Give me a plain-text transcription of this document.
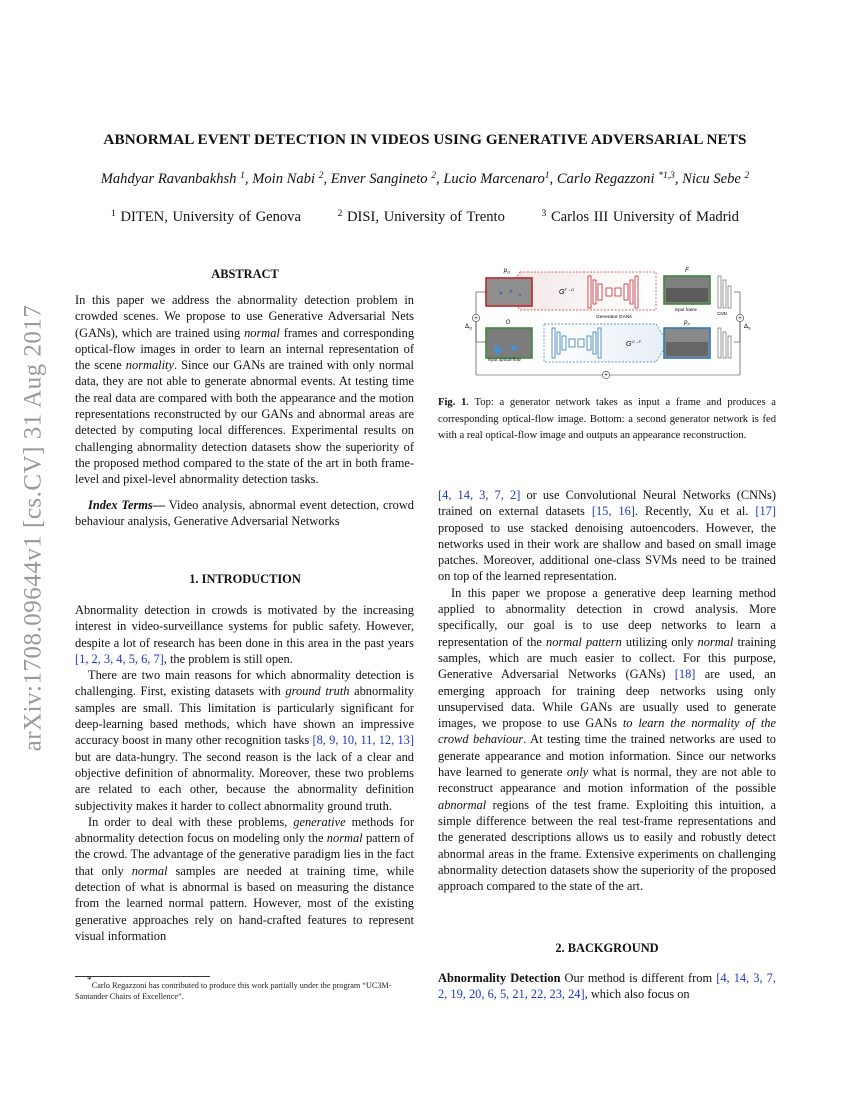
arXiv:1708.09644v1 [cs.CV] 31 Aug 2017
ABNORMAL EVENT DETECTION IN VIDEOS USING GENERATIVE ADVERSARIAL NETS
Mahdyar Ravanbakhsh $^1$, Moin Nabi $^2$, Enver Sangineto $^2$, Lucio Marcenaro$^1$, Carlo Regazzoni $^{*1,3}$, Nicu Sebe $^2$
$^1$ DITEN, University of Genova	$^2$ DISI, University of Trento	$^3$ Carlos III University of Madrid
ABSTRACT

In this paper we address the abnormality detection problem in crowded scenes. We propose to use Generative Adversarial Nets (GANs), which are trained using normal frames and corresponding optical-flow images in order to learn an internal representation of the scene normality. Since our GANs are trained with only normal data, they are not able to generate abnormal events. At testing time the real data are compared with both the appearance and the motion representations reconstructed by our GANs and abnormal areas are detected by computing local differences. Experimental results on challenging abnormality detection datasets show the superiority of the proposed method compared to the state of the art in both frame-level and pixel-level abnormality detection tasks.

Index Terms— Video analysis, abnormal event detection, crowd behaviour analysis, Generative Adversarial Networks

1. INTRODUCTION

Abnormality detection in crowds is motivated by the increasing interest in video-surveillance systems for public safety. However, despite a lot of research has been done in this area in the past years [1, 2, 3, 4, 5, 6, 7], the problem is still open.

There are two main reasons for which abnormality detection is challenging. First, existing datasets with ground truth abnormality samples are small. This limitation is particularly significant for deep-learning based methods, which have shown an impressive accuracy boost in many other recognition tasks [8, 9, 10, 11, 12, 13] but are data-hungry. The second reason is the lack of a clear and objective definition of abnormality. Moreover, these two problems are related to each other, because the abnormality definition subjectivity makes it harder to collect abnormality ground truth.

In order to deal with these problems, generative methods for abnormality detection focus on modeling only the normal pattern of the crowd. The advantage of the generative paradigm lies in the fact that only normal samples are needed at training time, while detection of what is abnormal is based on measuring the distance from the learned normal pattern. However, most of the existing generative approaches rely on hand-crafted features to represent visual information

*Carlo Regazzoni has contributed to produce this work partially under the program “UC3M-Santander Chairs of Excellence”.
$p_O$
$G^{F\to O}$
Generator GANs
F
input frame
CNN
O
input optical-flow
$G^{O\to F}$
$p_F$
+	+
+
$\Delta_O$	$\Delta_S$
Fig. 1. Top: a generator network takes as input a frame and produces a corresponding optical-flow image. Bottom: a second generator network is fed with a real optical-flow image and outputs an appearance reconstruction.

[4, 14, 3, 7, 2] or use Convolutional Neural Networks (CNNs) trained on external datasets [15, 16]. Recently, Xu et al. [17] proposed to use stacked denoising autoencoders. However, the networks used in their work are shallow and based on small image patches. Moreover, additional one-class SVMs need to be trained on top of the learned representation.

In this paper we propose a generative deep learning method applied to abnormality detection in crowd analysis. More specifically, our goal is to use deep networks to learn a representation of the normal pattern utilizing only normal training samples, which are much easier to collect. For this purpose, Generative Adversarial Networks (GANs) [18] are used, an emerging approach for training deep networks using only unsupervised data. While GANs are usually used to generate images, we propose to use GANs to learn the normality of the crowd behaviour. At testing time the trained networks are used to generate appearance and motion information. Since our networks have learned to generate only what is normal, they are not able to reconstruct appearance and motion information of the possible abnormal regions of the test frame. Exploiting this intuition, a simple difference between the real test-frame representations and the generated descriptions allows us to easily and robustly detect abnormal areas in the frame. Extensive experiments on challenging abnormality detection datasets show the superiority of the proposed approach compared to the state of the art.

2. BACKGROUND

Abnormality Detection Our method is different from [4, 14, 3, 7, 2, 19, 20, 6, 5, 21, 22, 23, 24], which also focus on
